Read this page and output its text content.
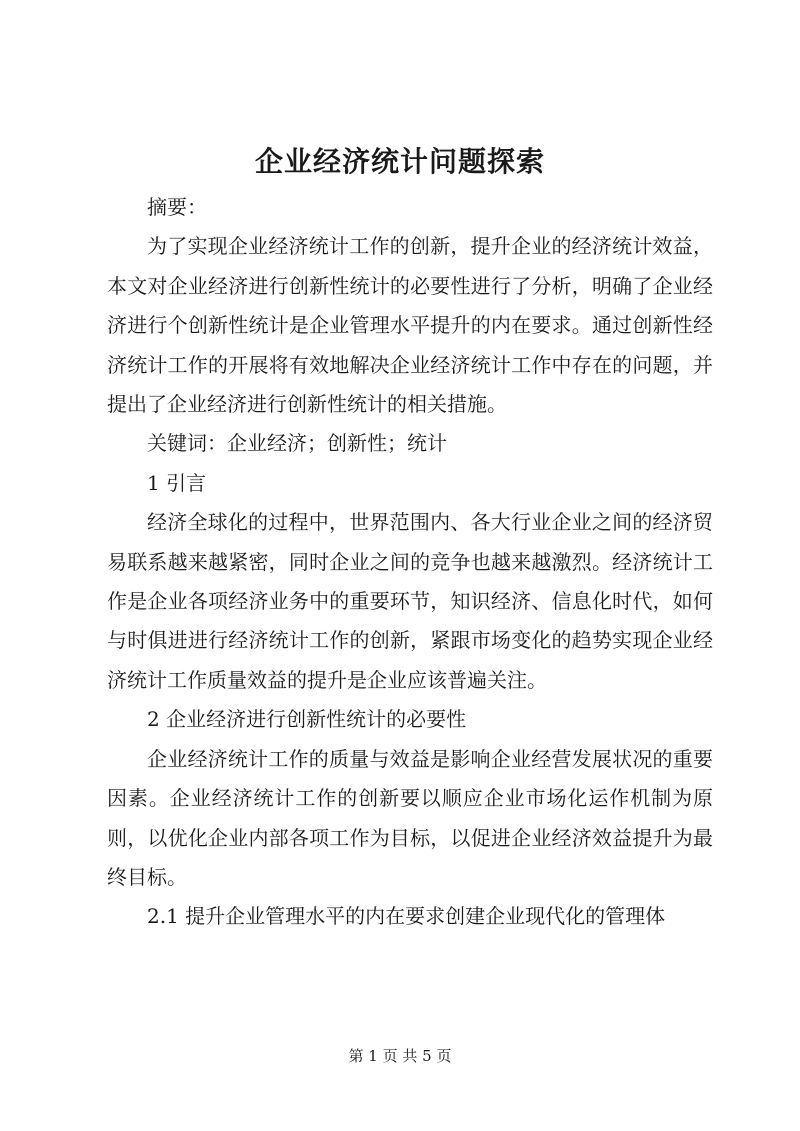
企业经济统计问题探索

摘要：

为了实现企业经济统计工作的创新，提升企业的经济统计效益，本文对企业经济进行创新性统计的必要性进行了分析，明确了企业经济进行个创新性统计是企业管理水平提升的内在要求。通过创新性经济统计工作的开展将有效地解决企业经济统计工作中存在的问题，并提出了企业经济进行创新性统计的相关措施。

关键词：企业经济；创新性；统计

1 引言

经济全球化的过程中，世界范围内、各大行业企业之间的经济贸易联系越来越紧密，同时企业之间的竞争也越来越激烈。经济统计工作是企业各项经济业务中的重要环节，知识经济、信息化时代，如何与时俱进进行经济统计工作的创新，紧跟市场变化的趋势实现企业经济统计工作质量效益的提升是企业应该普遍关注。

2 企业经济进行创新性统计的必要性

企业经济统计工作的质量与效益是影响企业经营发展状况的重要因素。企业经济统计工作的创新要以顺应企业市场化运作机制为原则，以优化企业内部各项工作为目标，以促进企业经济效益提升为最终目标。

2.1 提升企业管理水平的内在要求创建企业现代化的管理体

第 1 页 共 5 页
